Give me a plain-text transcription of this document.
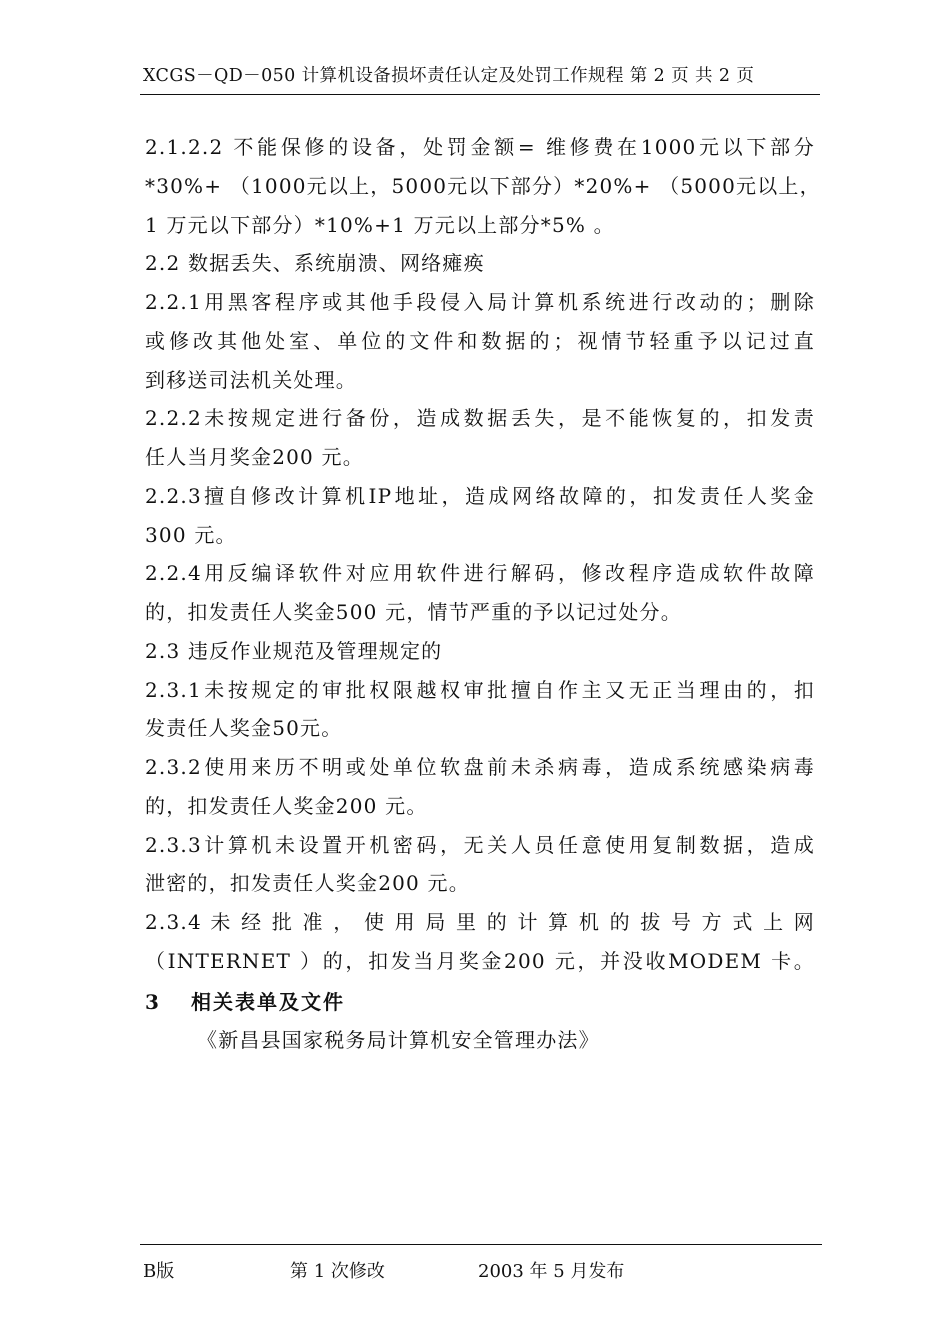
XCGS－QD－050 计算机设备损坏责任认定及处罚工作规程 第 2 页 共 2 页
2.1.2.2 不能保修的设备，处罚金额= 维修费在1000元以下部分
*30%+ （1000元以上，5000元以下部分）*20%+ （5000元以上，
1 万元以下部分）*10%+1 万元以上部分*5% 。
2.2 数据丢失、系统崩溃、网络瘫痪
2.2.1用黑客程序或其他手段侵入局计算机系统进行改动的；删除
或修改其他处室、单位的文件和数据的；视情节轻重予以记过直
到移送司法机关处理。
2.2.2未按规定进行备份，造成数据丢失，是不能恢复的，扣发责
任人当月奖金200 元。
2.2.3擅自修改计算机IP地址，造成网络故障的，扣发责任人奖金
300 元。
2.2.4用反编译软件对应用软件进行解码，修改程序造成软件故障
的，扣发责任人奖金500 元，情节严重的予以记过处分。
2.3 违反作业规范及管理规定的
2.3.1未按规定的审批权限越权审批擅自作主又无正当理由的，扣
发责任人奖金50元。
2.3.2使用来历不明或处单位软盘前未杀病毒，造成系统感染病毒
的，扣发责任人奖金200 元。
2.3.3计算机未设置开机密码，无关人员任意使用复制数据，造成
泄密的，扣发责任人奖金200 元。
2.3.4 未 经 批 准 ， 使 用 局 里 的 计 算 机 的 拔 号 方 式 上 网
（INTERNET ）的，扣发当月奖金200 元，并没收MODEM 卡。
3 相关表单及文件
《新昌县国家税务局计算机安全管理办法》
B版	第 1 次修改	2003 年 5 月发布
